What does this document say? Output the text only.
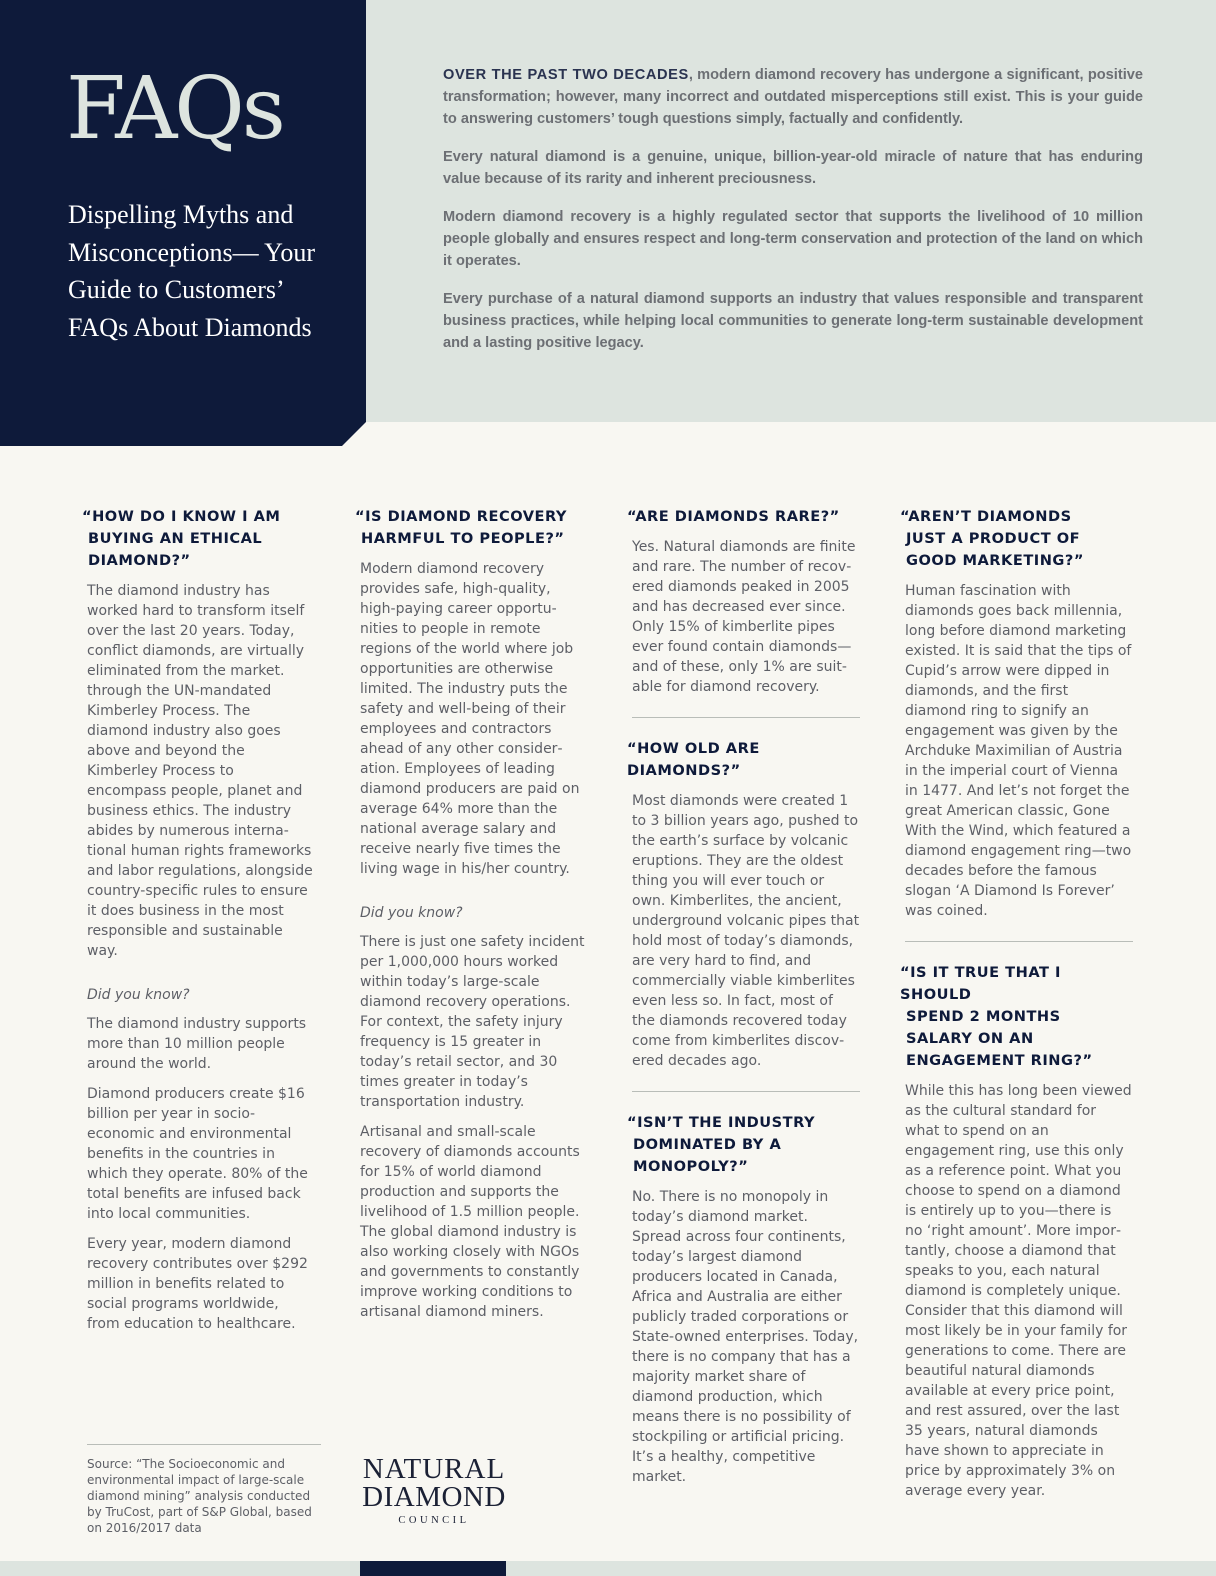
FAQs
Dispelling Myths and Misconceptions— Your Guide to Customers’ FAQs About Diamonds

OVER THE PAST TWO DECADES, modern diamond recovery has undergone a significant, positive transformation; however, many incorrect and outdated misperceptions still exist. This is your guide to answering customers’ tough questions simply, factually and confidently.

Every natural diamond is a genuine, unique, billion-year-old miracle of nature that has enduring value because of its rarity and inherent preciousness.

Modern diamond recovery is a highly regulated sector that supports the livelihood of 10 million people globally and ensures respect and long-term conservation and protection of the land on which it operates.

Every purchase of a natural diamond supports an industry that values responsible and transparent business practices, while helping local communities to generate long-term sustainable development and a lasting positive legacy.

“HOW DO I KNOW I AM
BUYING AN ETHICAL
DIAMOND?”

The diamond industry has worked hard to transform itself over the last 20 years. Today, conflict diamonds, are virtually eliminated from the market. through the UN-mandated Kimberley Process. The diamond industry also goes above and beyond the Kimberley Process to encompass people, planet and business ethics. The industry abides by numerous international human rights frameworks and labor regulations, alongside country-specific rules to ensure it does business in the most responsible and sustainable way.

Did you know?

The diamond industry supports more than 10 million people around the world.

Diamond producers create $16 billion per year in socioeconomic and environmental benefits in the countries in which they operate. 80% of the total benefits are infused back into local communities.

Every year, modern diamond recovery contributes over $292 million in benefits related to social programs worldwide, from education to healthcare.

“IS DIAMOND RECOVERY
HARMFUL TO PEOPLE?”

Modern diamond recovery provides safe, high-quality, high-paying career opportunities to people in remote regions of the world where job opportunities are otherwise limited. The industry puts the safety and well-being of their employees and contractors ahead of any other consideration. Employees of leading diamond producers are paid on average 64% more than the national average salary and receive nearly five times the living wage in his/her country.

Did you know?

There is just one safety incident per 1,000,000 hours worked within today’s large-scale diamond recovery operations. For context, the safety injury frequency is 15 greater in today’s retail sector, and 30 times greater in today’s transportation industry.

Artisanal and small-scale recovery of diamonds accounts for 15% of world diamond production and supports the livelihood of 1.5 million people. The global diamond industry is also working closely with NGOs and governments to constantly improve working conditions to artisanal diamond miners.

“ARE DIAMONDS RARE?”

Yes. Natural diamonds are finite and rare. The number of recovered diamonds peaked in 2005 and has decreased ever since. Only 15% of kimberlite pipes ever found contain diamonds— and of these, only 1% are suitable for diamond recovery.

“HOW OLD ARE DIAMONDS?”

Most diamonds were created 1 to 3 billion years ago, pushed to the earth’s surface by volcanic eruptions. They are the oldest thing you will ever touch or own. Kimberlites, the ancient, underground volcanic pipes that hold most of today’s diamonds, are very hard to find, and commercially viable kimberlites even less so. In fact, most of the diamonds recovered today come from kimberlites discovered decades ago.

“ISN’T THE INDUSTRY
DOMINATED BY A
MONOPOLY?”

No. There is no monopoly in today’s diamond market. Spread across four continents, today’s largest diamond producers located in Canada, Africa and Australia are either publicly traded corporations or State-owned enterprises. Today, there is no company that has a majority market share of diamond production, which means there is no possibility of stockpiling or artificial pricing. It’s a healthy, competitive market.

“AREN’T DIAMONDS
JUST A PRODUCT OF
GOOD MARKETING?”

Human fascination with diamonds goes back millennia, long before diamond marketing existed. It is said that the tips of Cupid’s arrow were dipped in diamonds, and the first diamond ring to signify an engagement was given by the Archduke Maximilian of Austria in the imperial court of Vienna in 1477. And let’s not forget the great American classic, Gone With the Wind, which featured a diamond engagement ring—two decades before the famous slogan ‘A Diamond Is Forever’ was coined.

“IS IT TRUE THAT I SHOULD
SPEND 2 MONTHS
SALARY ON AN
ENGAGEMENT RING?”

While this has long been viewed as the cultural standard for what to spend on an engagement ring, use this only as a reference point. What you choose to spend on a diamond is entirely up to you—there is no ‘right amount’. More importantly, choose a diamond that speaks to you, each natural diamond is completely unique. Consider that this diamond will most likely be in your family for generations to come. There are beautiful natural diamonds available at every price point, and rest assured, over the last 35 years, natural diamonds have shown to appreciate in price by approximately 3% on average every year.

Source: “The Socioeconomic and environmental impact of large-scale diamond mining” analysis conducted by TruCost, part of S&P Global, based on 2016/2017 data

NATURAL
DIAMOND
COUNCIL
